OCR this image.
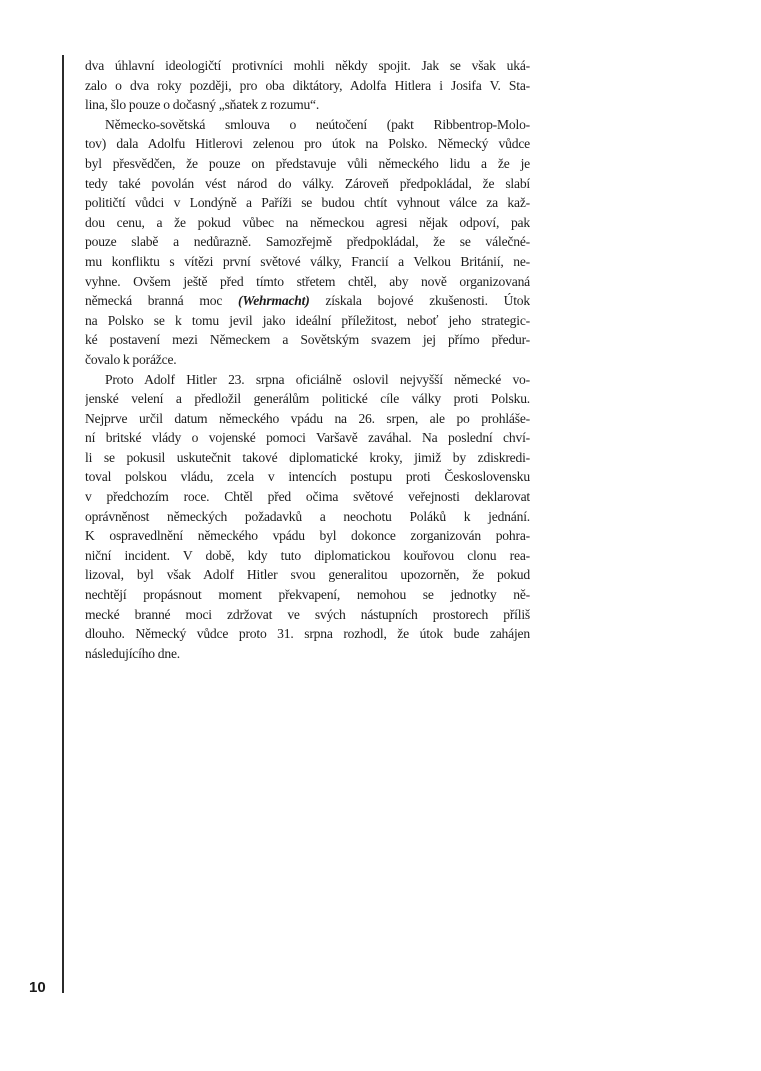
dva úhlavní ideologičtí protivníci mohli někdy spojit. Jak se však uká-
zalo o dva roky později, pro oba diktátory, Adolfa Hitlera i Josifa V. Sta-
lina, šlo pouze o dočasný „sňatek z rozumu“.
Německo-sovětská smlouva o neútočení (pakt Ribbentrop-Molo-
tov) dala Adolfu Hitlerovi zelenou pro útok na Polsko. Německý vůdce
byl přesvědčen, že pouze on představuje vůli německého lidu a že je
tedy také povolán vést národ do války. Zároveň předpokládal, že slabí
političtí vůdci v Londýně a Paříži se budou chtít vyhnout válce za kaž-
dou cenu, a že pokud vůbec na německou agresi nějak odpoví, pak
pouze slabě a nedůrazně. Samozřejmě předpokládal, že se válečné-
mu konfliktu s vítězi první světové války, Francií a Velkou Británií, ne-
vyhne. Ovšem ještě před tímto střetem chtěl, aby nově organizovaná
německá branná moc (Wehrmacht) získala bojové zkušenosti. Útok
na Polsko se k tomu jevil jako ideální příležitost, neboť jeho strategic-
ké postavení mezi Německem a Sovětským svazem jej přímo předur-
čovalo k porážce.
Proto Adolf Hitler 23. srpna oficiálně oslovil nejvyšší německé vo-
jenské velení a předložil generálům politické cíle války proti Polsku.
Nejprve určil datum německého vpádu na 26. srpen, ale po prohláše-
ní britské vlády o vojenské pomoci Varšavě zaváhal. Na poslední chví-
li se pokusil uskutečnit takové diplomatické kroky, jimiž by zdiskredi-
toval polskou vládu, zcela v intencích postupu proti Československu
v předchozím roce. Chtěl před očima světové veřejnosti deklarovat
oprávněnost německých požadavků a neochotu Poláků k jednání.
K ospravedlnění německého vpádu byl dokonce zorganizován pohra-
niční incident. V době, kdy tuto diplomatickou kouřovou clonu rea-
lizoval, byl však Adolf Hitler svou generalitou upozorněn, že pokud
nechtějí propásnout moment překvapení, nemohou se jednotky ně-
mecké branné moci zdržovat ve svých nástupních prostorech příliš
dlouho. Německý vůdce proto 31. srpna rozhodl, že útok bude zahájen
následujícího dne.
10
